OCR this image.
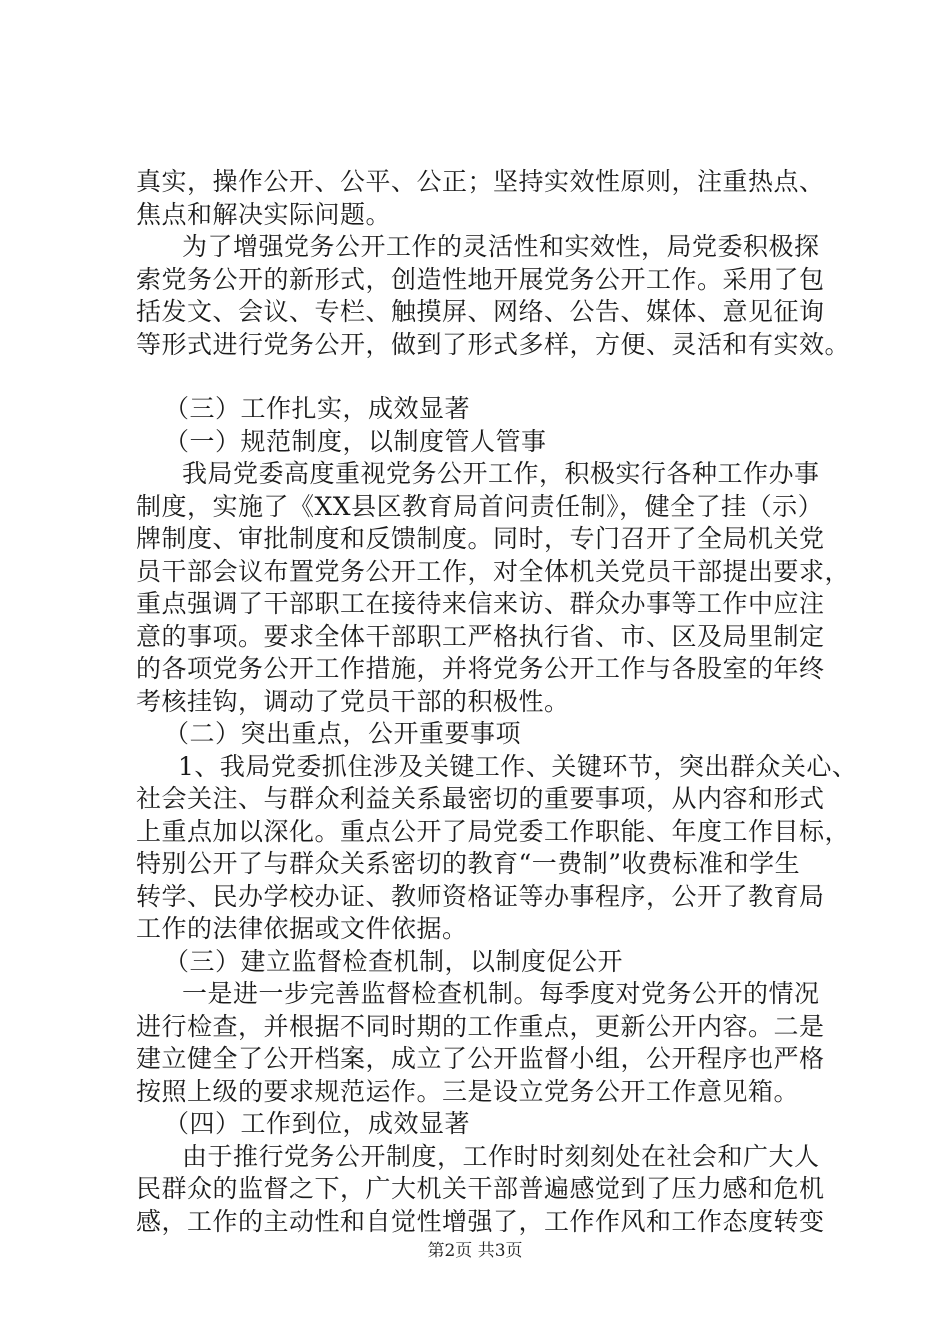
真实，操作公开、公平、公正；坚持实效性原则，注重热点、
焦点和解决实际问题。
为了增强党务公开工作的灵活性和实效性，局党委积极探
索党务公开的新形式，创造性地开展党务公开工作。采用了包
括发文、会议、专栏、触摸屏、网络、公告、媒体、意见征询
等形式进行党务公开，做到了形式多样，方便、灵活和有实效。
（三）工作扎实，成效显著
（一）规范制度，以制度管人管事
我局党委高度重视党务公开工作，积极实行各种工作办事
制度，实施了《XX县区教育局首问责任制》，健全了挂（示）
牌制度、审批制度和反馈制度。同时，专门召开了全局机关党
员干部会议布置党务公开工作，对全体机关党员干部提出要求，
重点强调了干部职工在接待来信来访、群众办事等工作中应注
意的事项。要求全体干部职工严格执行省、市、区及局里制定
的各项党务公开工作措施，并将党务公开工作与各股室的年终
考核挂钩，调动了党员干部的积极性。
（二）突出重点，公开重要事项
1、我局党委抓住涉及关键工作、关键环节，突出群众关心、
社会关注、与群众利益关系最密切的重要事项，从内容和形式
上重点加以深化。重点公开了局党委工作职能、年度工作目标，
特别公开了与群众关系密切的教育“一费制”收费标准和学生
转学、民办学校办证、教师资格证等办事程序，公开了教育局
工作的法律依据或文件依据。
（三）建立监督检查机制，以制度促公开
一是进一步完善监督检查机制。每季度对党务公开的情况
进行检查，并根据不同时期的工作重点，更新公开内容。二是
建立健全了公开档案，成立了公开监督小组，公开程序也严格
按照上级的要求规范运作。三是设立党务公开工作意见箱。
（四）工作到位，成效显著
由于推行党务公开制度，工作时时刻刻处在社会和广大人
民群众的监督之下，广大机关干部普遍感觉到了压力感和危机
感，工作的主动性和自觉性增强了，工作作风和工作态度转变
第2页 共3页
